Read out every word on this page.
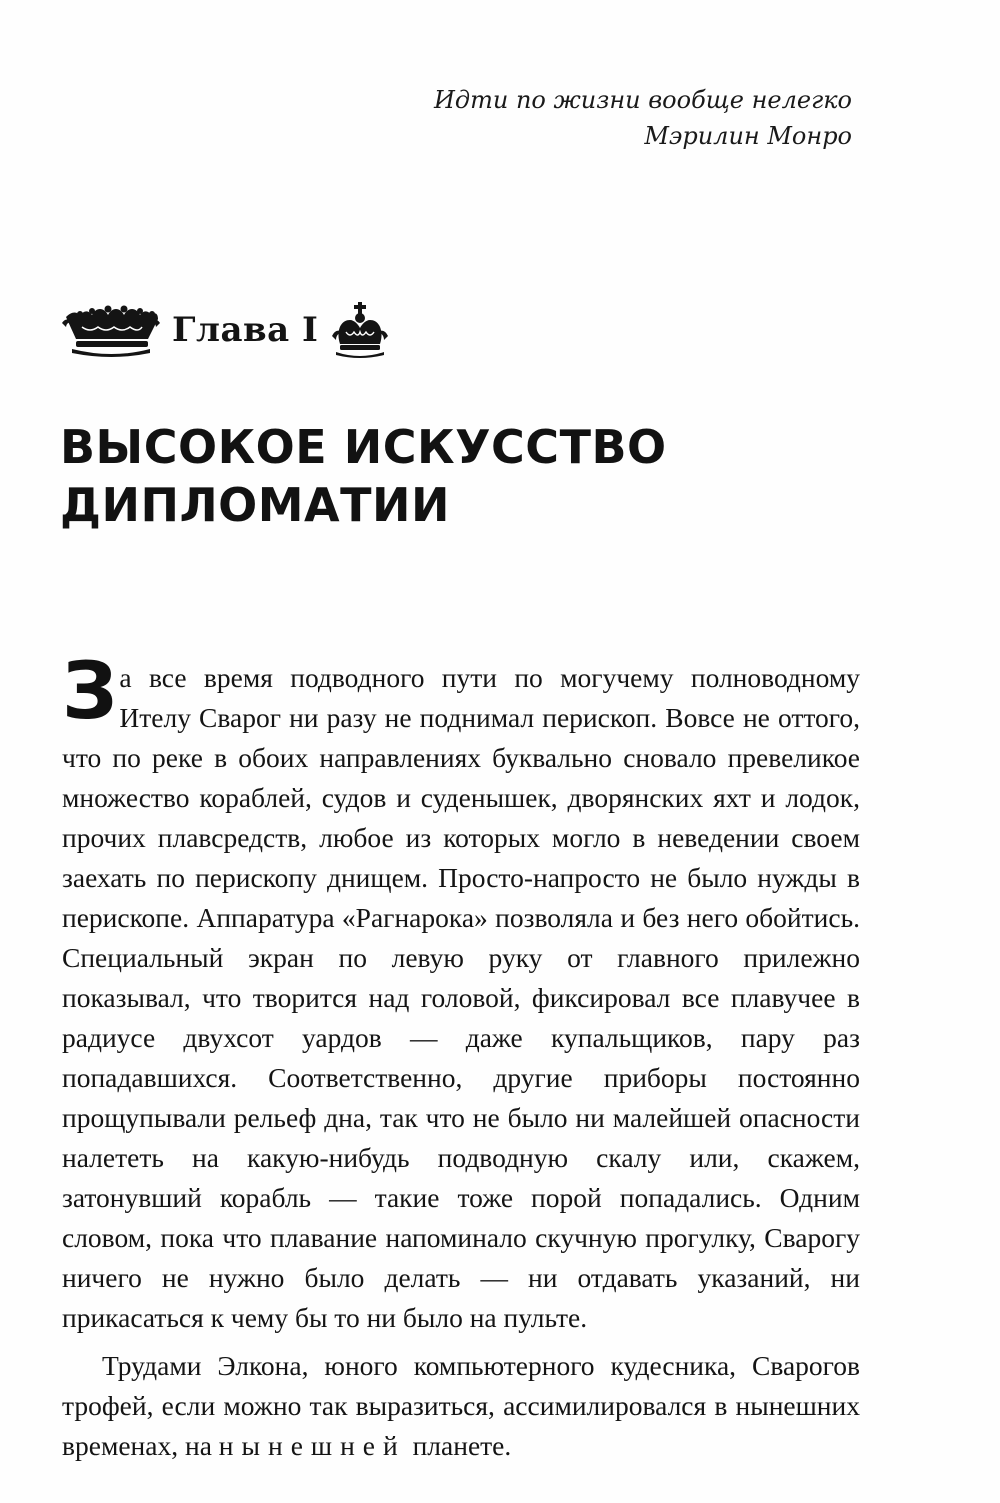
Идти по жизни вообще нелегко
Мэрилин Монро
Глава I
ВЫСОКОЕ ИСКУССТВО
ДИПЛОМАТИИ

За все время подводного пути по могучему полноводному Ителу Сварог ни разу не поднимал перископ. Вовсе не оттого, что по реке в обоих направлениях буквально сновало превеликое множество кораблей, судов и суденышек, дворянских яхт и лодок, прочих плавсредств, любое из которых могло в неведении своем заехать по перископу днищем. Просто-напросто не было нужды в перископе. Аппаратура «Рагнарока» позволяла и без него обойтись. Специальный экран по левую руку от главного прилежно показывал, что творится над головой, фиксировал все плавучее в радиусе двухсот уардов — даже купальщиков, пару раз попадавшихся. Соответственно, другие приборы постоянно прощупывали рельеф дна, так что не было ни малейшей опасности налететь на какую-нибудь подводную скалу или, скажем, затонувший корабль — такие тоже порой попадались. Одним словом, пока что плавание напоминало скучную прогулку, Сварогу ничего не нужно было делать — ни отдавать указаний, ни прикасаться к чему бы то ни было на пульте.

Трудами Элкона, юного компьютерного кудесника, Сварогов трофей, если можно так выразиться, ассимилировался в нынешних временах, на нынешней планете.
